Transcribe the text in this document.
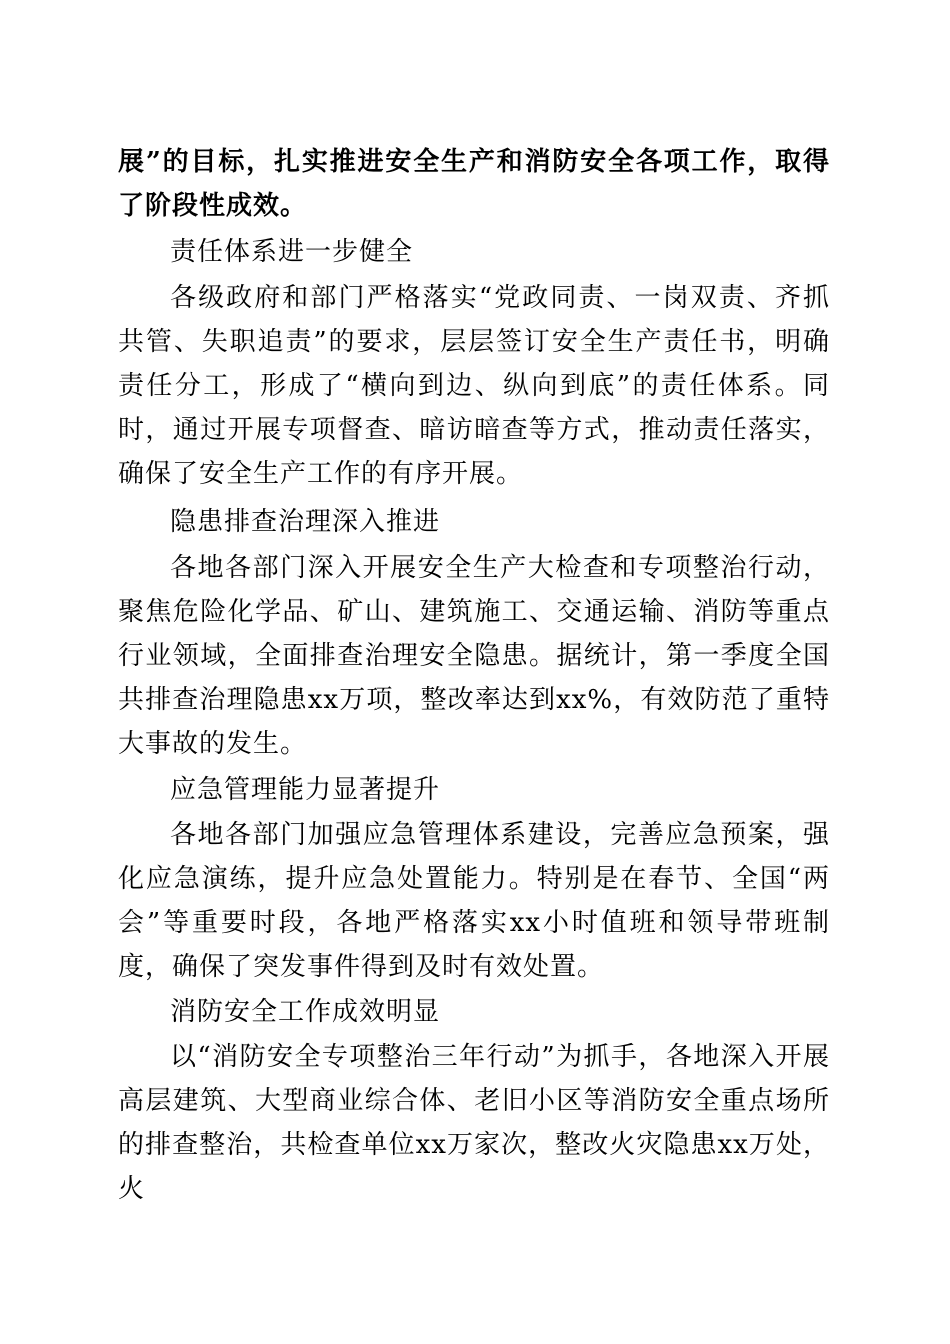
展”的目标，扎实推进安全生产和消防安全各项工作，取得了阶段性成效。

责任体系进一步健全

各级政府和部门严格落实“党政同责、一岗双责、齐抓共管、失职追责”的要求，层层签订安全生产责任书，明确责任分工，形成了“横向到边、纵向到底”的责任体系。同时，通过开展专项督查、暗访暗查等方式，推动责任落实，确保了安全生产工作的有序开展。

隐患排查治理深入推进

各地各部门深入开展安全生产大检查和专项整治行动，聚焦危险化学品、矿山、建筑施工、交通运输、消防等重点行业领域，全面排查治理安全隐患。据统计，第一季度全国共排查治理隐患xx万项，整改率达到xx%，有效防范了重特大事故的发生。

应急管理能力显著提升

各地各部门加强应急管理体系建设，完善应急预案，强化应急演练，提升应急处置能力。特别是在春节、全国“两会”等重要时段，各地严格落实xx小时值班和领导带班制度，确保了突发事件得到及时有效处置。

消防安全工作成效明显

以“消防安全专项整治三年行动”为抓手，各地深入开展高层建筑、大型商业综合体、老旧小区等消防安全重点场所的排查整治，共检查单位xx万家次，整改火灾隐患xx万处，火
